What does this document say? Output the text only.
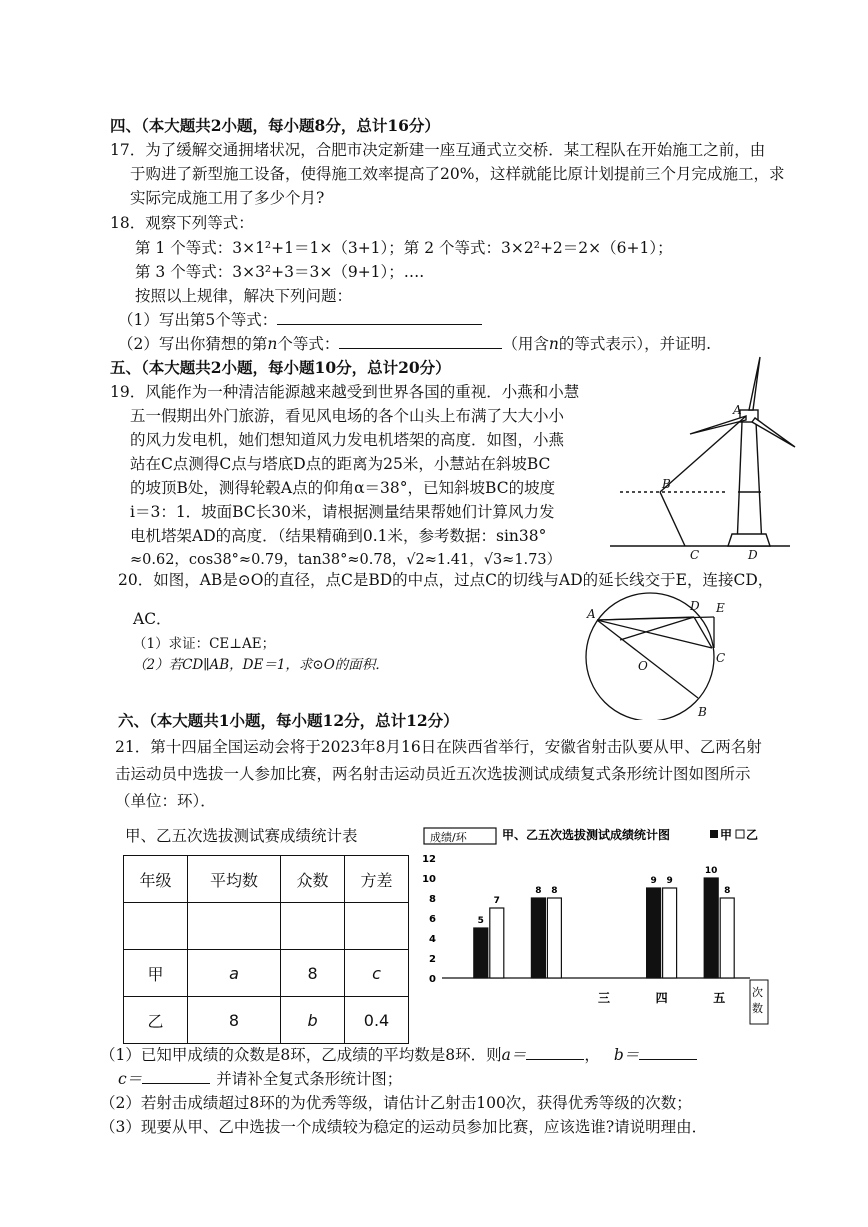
四、（本大题共2小题，每小题8分，总计16分）
17．为了缓解交通拥堵状况，合肥市决定新建一座互通式立交桥．某工程队在开始施工之前，由
于购进了新型施工设备，使得施工效率提高了20%，这样就能比原计划提前三个月完成施工，求
实际完成施工用了多少个月?
18．观察下列等式：
第 1 个等式：3×1²+1＝1×（3+1）；第 2 个等式：3×2²+2＝2×（6+1）；
第 3 个等式：3×3²+3＝3×（9+1）；….
按照以上规律，解决下列问题：
（1）写出第5个等式：
（2）写出你猜想的第n个等式：	（用含n的等式表示），并证明.
五、（本大题共2小题，每小题10分，总计20分）
19．风能作为一种清洁能源越来越受到世界各国的重视．小燕和小慧
五一假期出外门旅游，看见风电场的各个山头上布满了大大小小
的风力发电机，她们想知道风力发电机塔架的高度．如图，小燕
站在C点测得C点与塔底D点的距离为25米，小慧站在斜坡BC
的坡顶B处，测得轮毂A点的仰角α＝38°，已知斜坡BC的坡度
i＝3：1．坡面BC长30米，请根据测量结果帮她们计算风力发
电机塔架AD的高度．（结果精确到0.1米，参考数据：sin38°
≈0.62，cos38°≈0.79，tan38°≈0.78，√2≈1.41，√3≈1.73）
A
B
C	D
20．如图，AB是⊙O的直径，点C是BD的中点，过点C的切线与AD的延长线交于E，连接CD，
AC．
（1）求证：CE⊥AE；
（2）若CD∥AB，DE＝1，求⊙O的面积．
A
D E
C
O
B
六、（本大题共1小题，每小题12分，总计12分）
21．第十四届全国运动会将于2023年8月16日在陕西省举行，安徽省射击队要从甲、乙两名射
击运动员中选拔一人参加比赛，两名射击运动员近五次选拔测试成绩复式条形统计图如图所示
（单位：环）．
甲、乙五次选拔测试赛成绩统计表
年级	平均数	众数	方差

甲	a	8	c
乙	8	b	0.4
成绩/环	甲、乙五次选拔测试成绩统计图	甲 乙
0
2
4
6
8
10
12
三	四	五
5
7
8 8
9 9
10
8
次
数
（1）已知甲成绩的众数是8环，乙成绩的平均数是8环．则a＝	， b＝
c＝	并请补全复式条形统计图；
（2）若射击成绩超过8环的为优秀等级，请估计乙射击100次，获得优秀等级的次数；
（3）现要从甲、乙中选拔一个成绩较为稳定的运动员参加比赛，应该选谁?请说明理由．
